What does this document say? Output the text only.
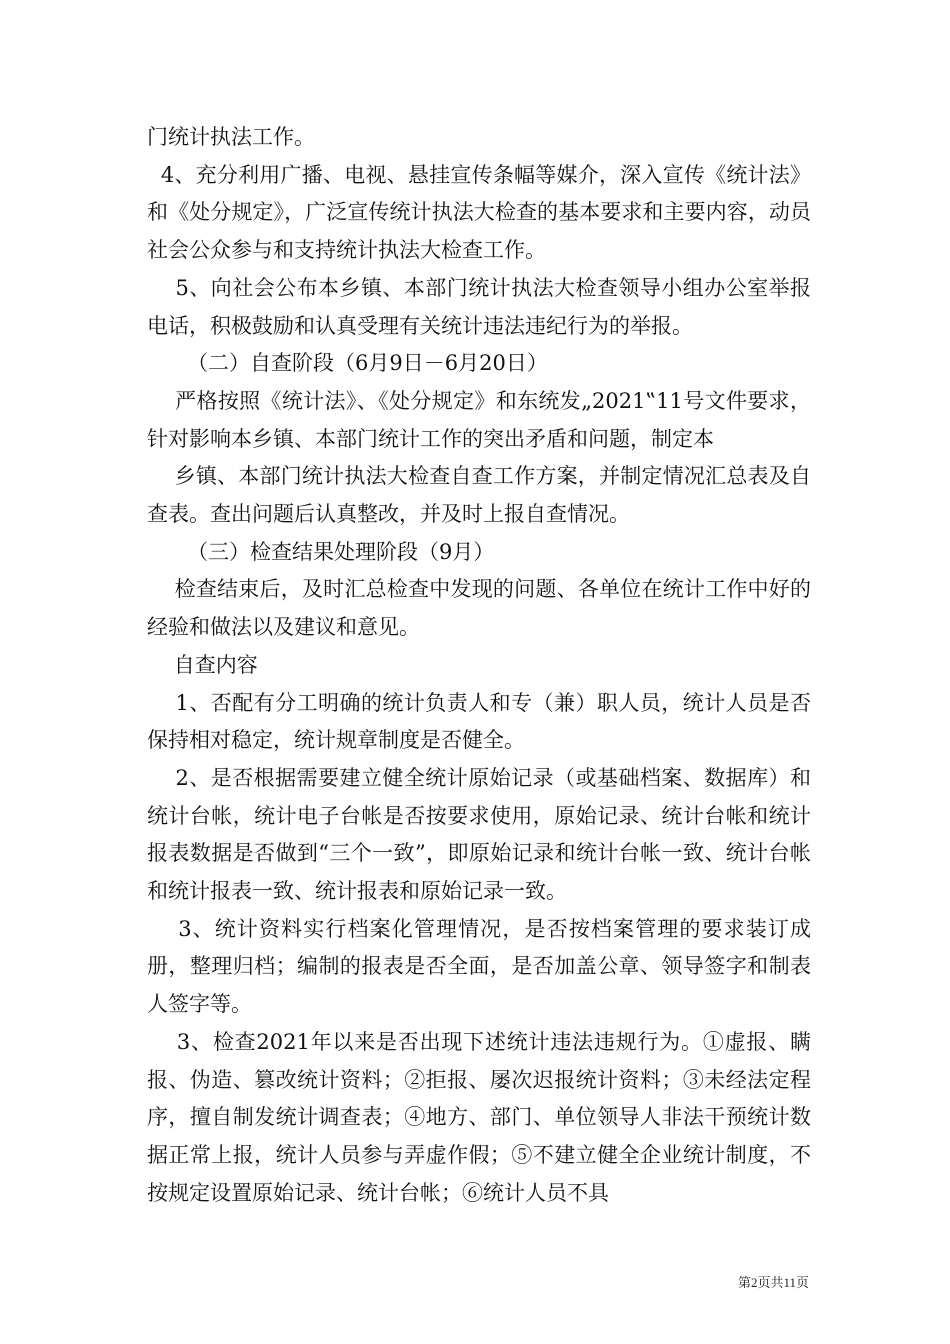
门统计执法工作。

4、充分利用广播、电视、悬挂宣传条幅等媒介，深入宣传《统计法》和《处分规定》，广泛宣传统计执法大检查的基本要求和主要内容，动员社会公众参与和支持统计执法大检查工作。

5、向社会公布本乡镇、本部门统计执法大检查领导小组办公室举报电话，积极鼓励和认真受理有关统计违法违纪行为的举报。

（二）自查阶段（6月9日－6月20日）

严格按照《统计法》、《处分规定》和东统发„2021‟11号文件要求，针对影响本乡镇、本部门统计工作的突出矛盾和问题，制定本

乡镇、本部门统计执法大检查自查工作方案，并制定情况汇总表及自查表。查出问题后认真整改，并及时上报自查情况。

（三）检查结果处理阶段（9月）

检查结束后，及时汇总检查中发现的问题、各单位在统计工作中好的经验和做法以及建议和意见。

自查内容

1、否配有分工明确的统计负责人和专（兼）职人员，统计人员是否保持相对稳定，统计规章制度是否健全。

2、是否根据需要建立健全统计原始记录（或基础档案、数据库）和统计台帐，统计电子台帐是否按要求使用，原始记录、统计台帐和统计报表数据是否做到“三个一致”，即原始记录和统计台帐一致、统计台帐和统计报表一致、统计报表和原始记录一致。

3、统计资料实行档案化管理情况，是否按档案管理的要求装订成册，整理归档；编制的报表是否全面，是否加盖公章、领导签字和制表人签字等。

3、检查2021年以来是否出现下述统计违法违规行为。①虚报、瞒报、伪造、篡改统计资料；②拒报、屡次迟报统计资料；③未经法定程序，擅自制发统计调查表；④地方、部门、单位领导人非法干预统计数据正常上报，统计人员参与弄虚作假；⑤不建立健全企业统计制度，不按规定设置原始记录、统计台帐；⑥统计人员不具

第2页共11页
